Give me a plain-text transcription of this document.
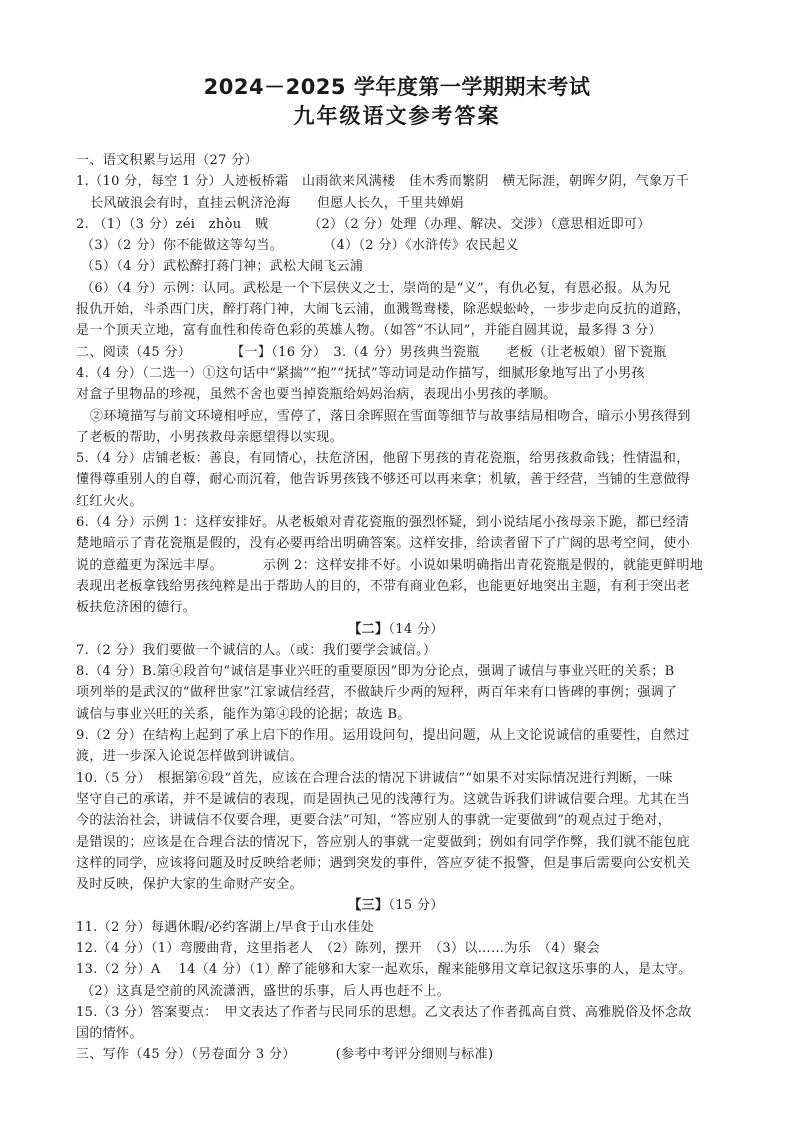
2024－2025 学年度第一学期期末考试
九年级语文参考答案
一、语文积累与运用（27 分）
1.（10 分，每空 1 分）人迹板桥霜　山雨欲来风满楼　佳木秀而繁阴　横无际涯，朝晖夕阴，气象万千
长风破浪会有时，直挂云帆济沧海　　但愿人长久，千里共婵娟
2. （1）（3 分）zéi　zhòu　贼	（2）（2 分）处理（办理、解决、交涉）（意思相近即可）
（3）（2 分）你不能做这等勾当。	（4）（2 分）《水浒传》农民起义
（5）（4 分）武松醉打蒋门神；武松大闹飞云浦
（6）（4 分）示例：认同。武松是一个下层侠义之士，崇尚的是“义”，有仇必复，有恩必报。从为兄
报仇开始，斗杀西门庆，醉打蒋门神，大闹飞云浦，血溅鸳鸯楼，除恶蜈蚣岭，一步步走向反抗的道路，
是一个顶天立地，富有血性和传奇色彩的英雄人物。（如答“不认同”，并能自圆其说，最多得 3 分）
二、阅读（45 分）	【一】（16 分）　3.（4 分）男孩典当瓷瓶　　老板（让老板娘）留下瓷瓶
4.（4 分）（二选一）①这句话中“紧揣”“抱”“抚拭”等动词是动作描写，细腻形象地写出了小男孩
对盒子里物品的珍视，虽然不舍也要当掉瓷瓶给妈妈治病，表现出小男孩的孝顺。
②环境描写与前文环境相呼应，雪停了，落日余晖照在雪面等细节与故事结局相吻合，暗示小男孩得到
了老板的帮助，小男孩救母亲愿望得以实现。
5.（4 分）店铺老板：善良，有同情心，扶危济困，他留下男孩的青花瓷瓶，给男孩救命钱；性情温和，
懂得尊重别人的自尊，耐心而沉着，他告诉男孩钱不够还可以再来拿；机敏，善于经营，当铺的生意做得
红红火火。
6.（4 分）示例 1：这样安排好。从老板娘对青花瓷瓶的强烈怀疑，到小说结尾小孩母亲下跪，都已经清
楚地暗示了青花瓷瓶是假的，没有必要再给出明确答案。这样安排，给读者留下了广阔的思考空间，使小
说的意蕴更为深远丰厚。	示例 2：这样安排不好。小说如果明确指出青花瓷瓶是假的，就能更鲜明地
表现出老板拿钱给男孩纯粹是出于帮助人的目的，不带有商业色彩，也能更好地突出主题，有利于突出老
板扶危济困的德行。
【二】（14 分）
7.（2 分）我们要做一个诚信的人。（或：我们要学会诚信。）
8.（4 分）B.第④段首句“诚信是事业兴旺的重要原因”即为分论点，强调了诚信与事业兴旺的关系；B
项列举的是武汉的“做秤世家”江家诚信经营，不做缺斤少两的短秤，两百年来有口皆碑的事例；强调了
诚信与事业兴旺的关系，能作为第④段的论据；故选 B。
9.（2 分）在结构上起到了承上启下的作用。运用设问句，提出问题，从上文论说诚信的重要性，自然过
渡，进一步深入论说怎样做到讲诚信。
10.（5 分）　根据第⑥段“首先，应该在合理合法的情况下讲诚信”“如果不对实际情况进行判断，一味
坚守自己的承诺，并不是诚信的表现，而是固执己见的浅薄行为。这就告诉我们讲诚信要合理。尤其在当
今的法治社会，讲诚信不仅要合理，更要合法”可知，“答应别人的事就一定要做到”的观点过于绝对，
是错误的；应该是在合理合法的情况下，答应别人的事就一定要做到；例如有同学作弊，我们就不能包庇
这样的同学，应该将问题及时反映给老师；遇到突发的事件，答应歹徒不报警，但是事后需要向公安机关
及时反映，保护大家的生命财产安全。
【三】（15 分）
11.（2 分）每遇休暇/必约客湖上/早食于山水佳处
12.（4 分）（1）弯腰曲背，这里指老人　（2）陈列，摆开　（3）以……为乐　（4）聚会
13.（2 分）A　 14（4 分）（1）醉了能够和大家一起欢乐，醒来能够用文章记叙这乐事的人，是太守。
（2）这真是空前的风流潇洒，盛世的乐事，后人再也赶不上。
15.（3 分）答案要点：　甲文表达了作者与民同乐的思想。乙文表达了作者孤高自赏、高雅脱俗及怀念故
国的情怀。
三、写作（45 分）（另卷面分 3 分）	(参考中考评分细则与标准)
